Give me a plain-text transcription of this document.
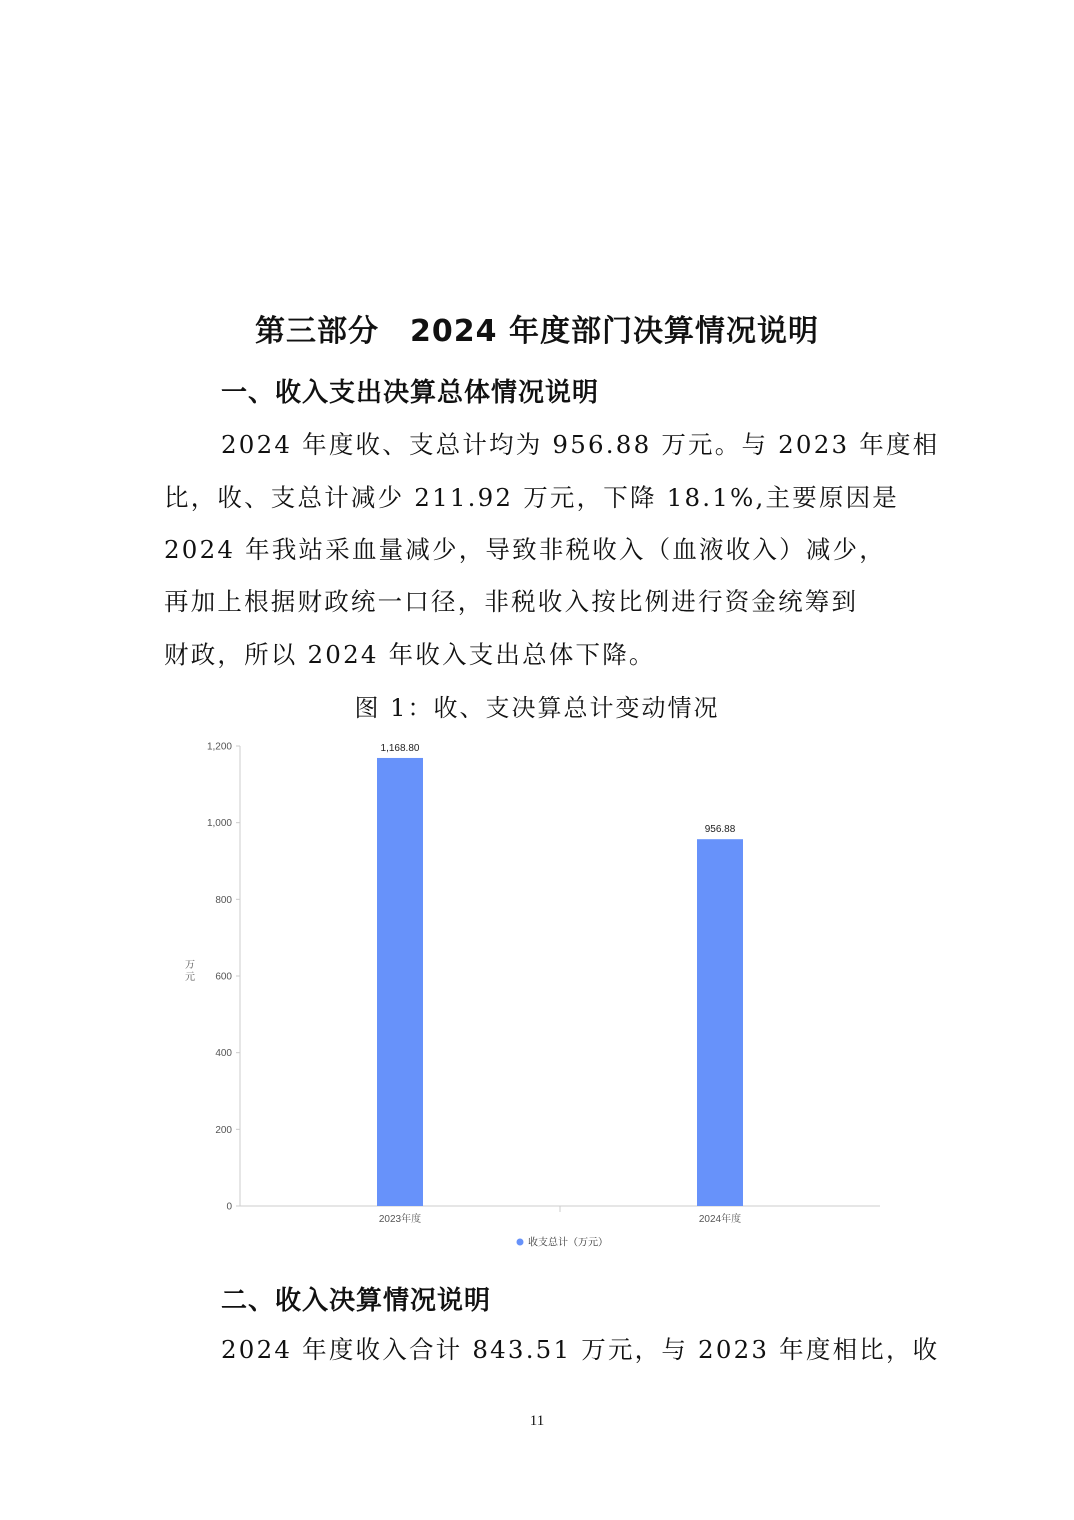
第三部分　2024 年度部门决算情况说明
一、收入支出决算总体情况说明
2024 年度收、支总计均为 956.88 万元。与 2023 年度相
比，收、支总计减少 211.92 万元，下降 18.1%,主要原因是
2024 年我站采血量减少，导致非税收入（血液收入）减少，
再加上根据财政统一口径，非税收入按比例进行资金统筹到
财政，所以 2024 年收入支出总体下降。
图 1：收、支决算总计变动情况
0
200
400
600
800
1,000
1,200
万
元
1,168.80
2023年度
956.88
2024年度
收支总计（万元）
二、收入决算情况说明
2024 年度收入合计 843.51 万元，与 2023 年度相比，收
11
